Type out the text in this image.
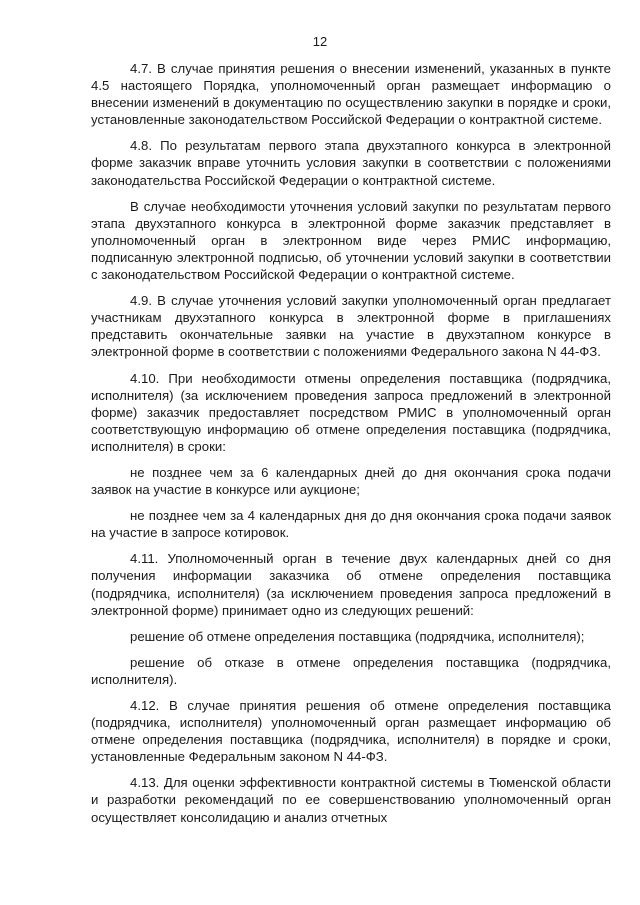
12

4.7. В случае принятия решения о внесении изменений, указанных в пункте 4.5 настоящего Порядка, уполномоченный орган размещает информацию о внесении изменений в документацию по осуществлению закупки в порядке и сроки, установленные законодательством Российской Федерации о контрактной системе.

4.8. По результатам первого этапа двухэтапного конкурса в электронной форме заказчик вправе уточнить условия закупки в соответствии с положениями законодательства Российской Федерации о контрактной системе.

В случае необходимости уточнения условий закупки по результатам первого этапа двухэтапного конкурса в электронной форме заказчик представляет в уполномоченный орган в электронном виде через РМИС информацию, подписанную электронной подписью, об уточнении условий закупки в соответствии с законодательством Российской Федерации о контрактной системе.

4.9. В случае уточнения условий закупки уполномоченный орган предлагает участникам двухэтапного конкурса в электронной форме в приглашениях представить окончательные заявки на участие в двухэтапном конкурсе в электронной форме в соответствии с положениями Федерального закона N 44-ФЗ.

4.10. При необходимости отмены определения поставщика (подрядчика, исполнителя) (за исключением проведения запроса предложений в электронной форме) заказчик предоставляет посредством РМИС в уполномоченный орган соответствующую информацию об отмене определения поставщика (подрядчика, исполнителя) в сроки:

не позднее чем за 6 календарных дней до дня окончания срока подачи заявок на участие в конкурсе или аукционе;

не позднее чем за 4 календарных дня до дня окончания срока подачи заявок на участие в запросе котировок.

4.11. Уполномоченный орган в течение двух календарных дней со дня получения информации заказчика об отмене определения поставщика (подрядчика, исполнителя) (за исключением проведения запроса предложений в электронной форме) принимает одно из следующих решений:

решение об отмене определения поставщика (подрядчика, исполнителя);

решение об отказе в отмене определения поставщика (подрядчика, исполнителя).

4.12. В случае принятия решения об отмене определения поставщика (подрядчика, исполнителя) уполномоченный орган размещает информацию об отмене определения поставщика (подрядчика, исполнителя) в порядке и сроки, установленные Федеральным законом N 44-ФЗ.

4.13. Для оценки эффективности контрактной системы в Тюменской области и разработки рекомендаций по ее совершенствованию уполномоченный орган осуществляет консолидацию и анализ отчетных
